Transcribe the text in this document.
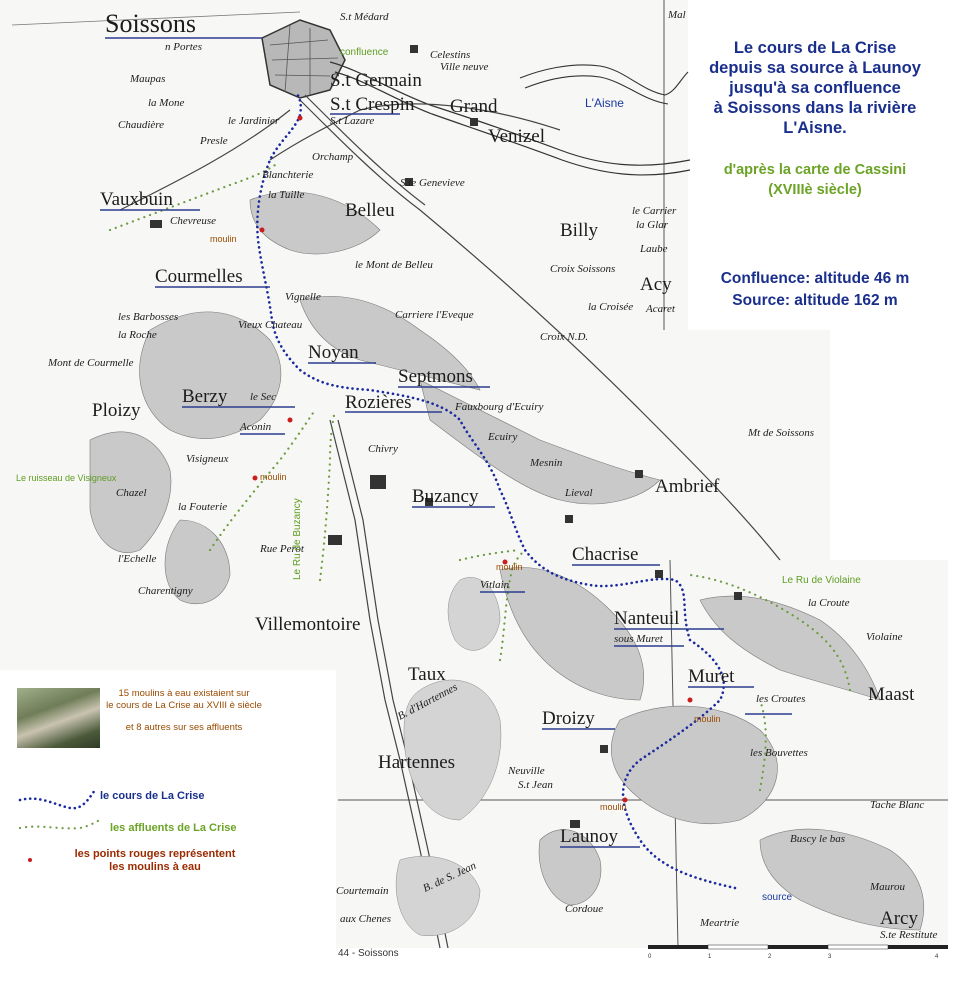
Soissons
n Portes
S.t Médard
Celestins
Ville neuve
S.t Germain
S.t Crespin
S.t Lazare
Grand
Venizel
Maupas
la Mone
Chaudière	le Jardinier
Presle
Orchamp
Blanchterie
la Tuille
S.te Genevieve
Vauxbuin
Chevreuse	Belleu
Billy
le Carrier
la Glar
Laube
Croix Soissons
Acy
la Croisée Acaret
le Mont de Belleu
Courmelles
Vignelle
les Barbosses
la Roche
Vieux Chateau
Carriere l'Eveque
Croix N.D.
Mont de Courmelle	Noyan
Septmons
Ploizy
Berzy le Sec	Rozières	Fauxbourg d'Ecuiry
Mt de Soissons
Aconin
Chivry
Ecuiry
Visigneux	Mesnin
Chazel
la Fouterie	Buzancy	Lieval	Ambrief
l'Echelle
Rue Perot	Chacrise
Charentigny	Vitlain
la Croute
Villemontoire	Nanteuil
sous Muret	Violaine
Taux	Muret
Maast
B. d'Hartennes	Droizy
les Croutes
les Bouvettes
Hartennes	Neuville
S.t Jean
Tache Blanc
Launoy	Buscy le bas
Courtemain	B. de S. Jean	Maurou
aux Chenes
Cordoue
Meartrie	Arcy
S.te Restitute
Mal
confluence
L'Aisne
Le ruisseau de Visigneux
Le Ru de Buzancy
Le Ru de Violaine
source
moulin
moulin
moulin
moulin
moulin
0	1	2	3	4
Le cours de La Crise
depuis sa source à Launoy
jusqu'à sa confluence
à Soissons dans la rivière
L'Aisne.
d'après la carte de Cassini
(XVIIIè siècle)
Confluence: altitude 46 m
Source: altitude 162 m
15 moulins à eau existaient sur
le cours de La Crise au XVIII è siècle
et 8 autres sur ses affluents
le cours de La Crise
les affluents de La Crise
les points rouges représentent
les moulins à eau
44 - Soissons
